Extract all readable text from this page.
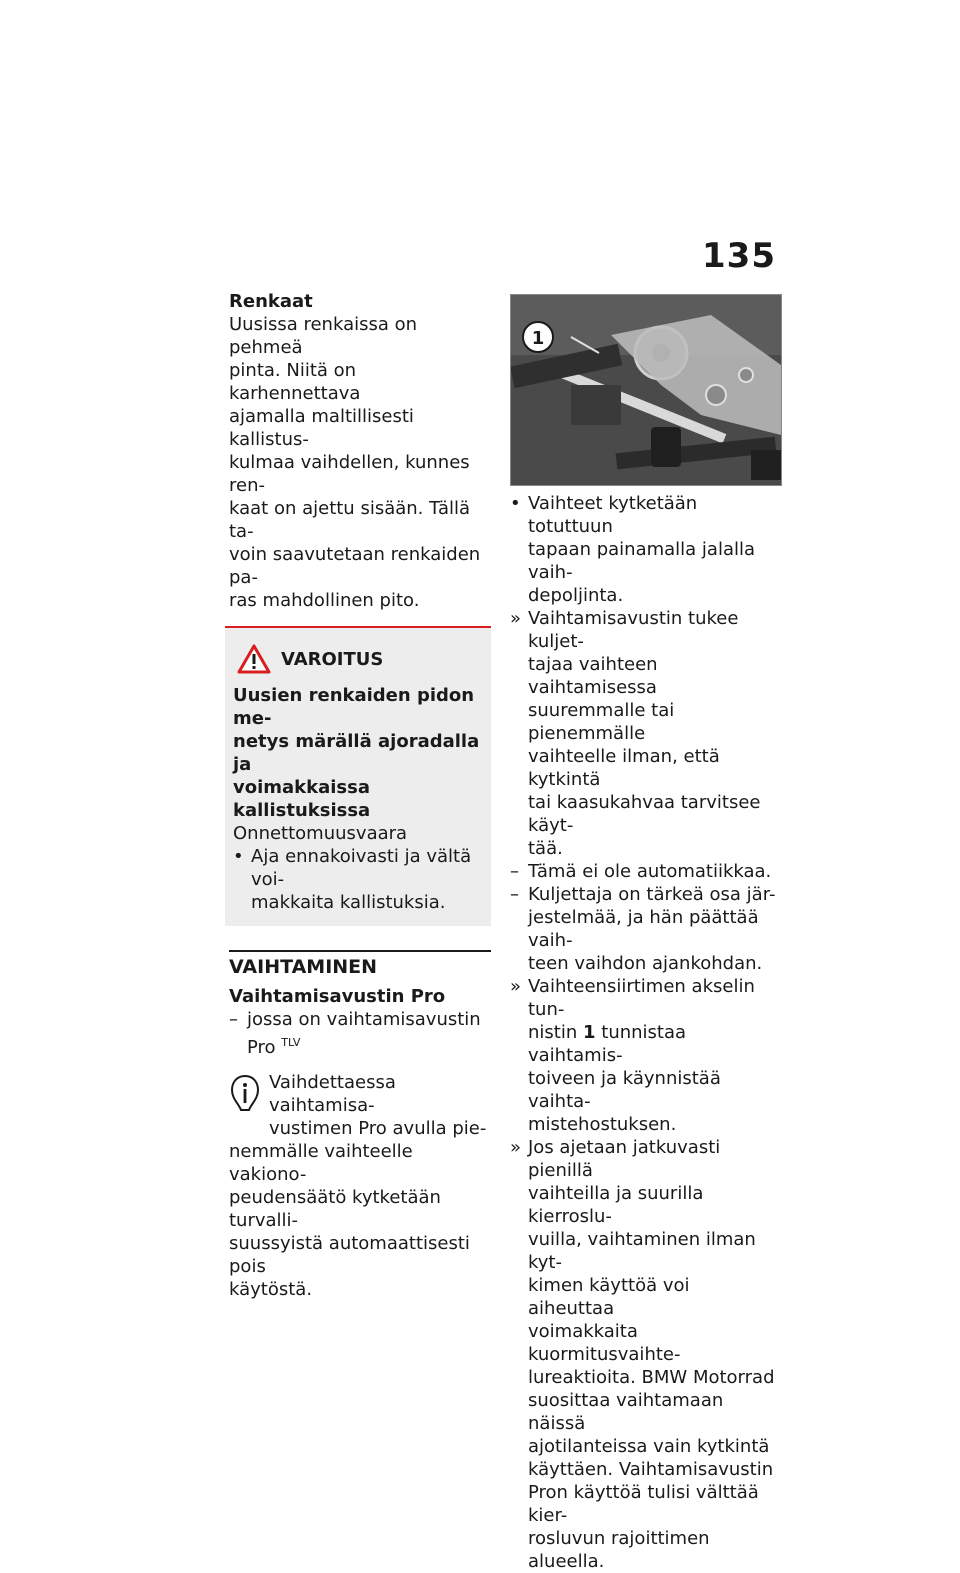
135

Renkaat

Uusissa renkaissa on pehmeä
pinta. Niitä on karhennettava
ajamalla maltillisesti kallistus-
kulmaa vaihdellen, kunnes ren-
kaat on ajettu sisään. Tällä ta-
voin saavutetaan renkaiden pa-
ras mahdollinen pito.
VAROITUS
Uusien renkaiden pidon me-
netys märällä ajoradalla ja
voimakkaissa kallistuksissa
Onnettomuusvaara
• Aja ennakoivasti ja vältä voi-
makkaita kallistuksia.
VAIHTAMINEN
Vaihtamisavustin Pro
– jossa on vaihtamisavustin
Pro $^{TLV}$
Vaihdettaessa vaihtamisa-
vustimen Pro avulla pie-
nemmälle vaihteelle vakiono-
peudensäätö kytketään turvalli-
suussyistä automaattisesti pois
käytöstä.
1
• Vaihteet kytketään totuttuun
tapaan painamalla jalalla vaih-
depoljinta.
» Vaihtamisavustin tukee kuljet-
tajaa vaihteen vaihtamisessa
suuremmalle tai pienemmälle
vaihteelle ilman, että kytkintä
tai kaasukahvaa tarvitsee käyt-
tää.
– Tämä ei ole automatiikkaa.
– Kuljettaja on tärkeä osa jär-
jestelmää, ja hän päättää vaih-
teen vaihdon ajankohdan.
» Vaihteensiirtimen akselin tun-
nistin 1 tunnistaa vaihtamis-
toiveen ja käynnistää vaihta-
mistehostuksen.
» Jos ajetaan jatkuvasti pienillä
vaihteilla ja suurilla kierroslu-
vuilla, vaihtaminen ilman kyt-
kimen käyttöä voi aiheuttaa
voimakkaita kuormitusvaihte-
lureaktioita. BMW Motorrad
suosittaa vaihtamaan näissä
ajotilanteissa vain kytkintä
käyttäen. Vaihtamisavustin
Pron käyttöä tulisi välttää kier-
rosluvun rajoittimen alueella.
